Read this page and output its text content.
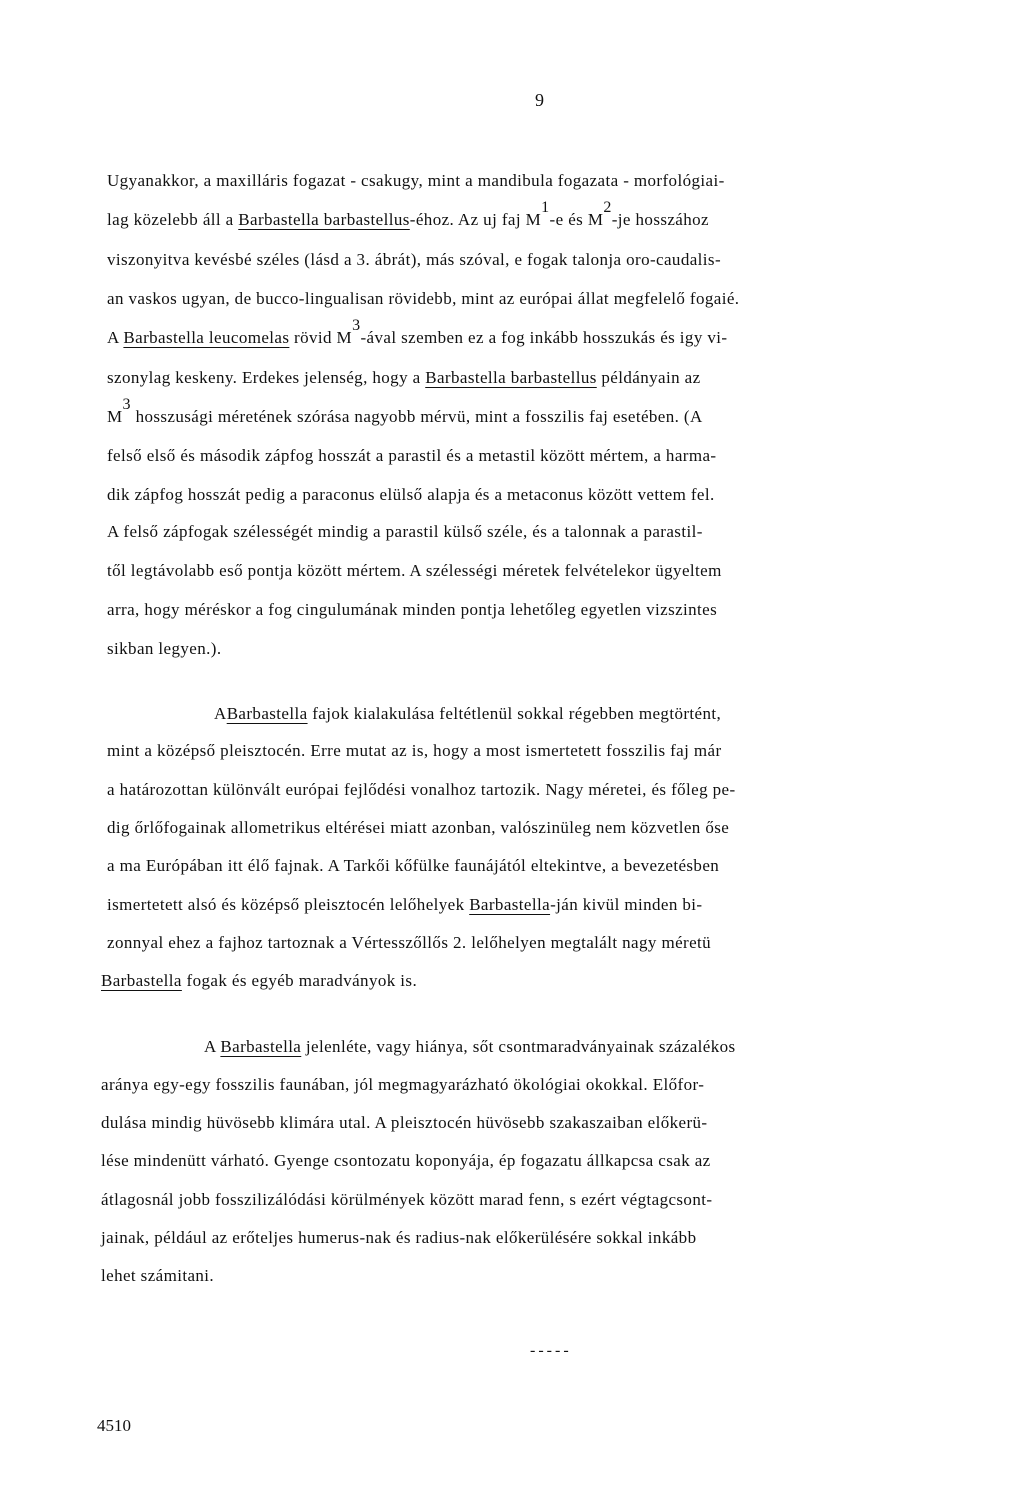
9
Ugyanakkor, a maxilláris fogazat - csakugy, mint a mandibula fogazata - morfológiai-
lag közelebb áll a Barbastella barbastellus-éhoz. Az uj faj M1-e és M2-je hosszához
viszonyitva kevésbé széles (lásd a 3. ábrát), más szóval, e fogak talonja oro-caudalis-
an vaskos ugyan, de bucco-lingualisan rövidebb, mint az európai állat megfelelő fogaié.
A Barbastella leucomelas rövid M3-ával szemben ez a fog inkább hosszukás és igy vi-
szonylag keskeny. Erdekes jelenség, hogy a Barbastella barbastellus példányain az
M3 hosszusági méretének szórása nagyobb mérvü, mint a fosszilis faj esetében. (A
felső első és második zápfog hosszát a parastil és a metastil között mértem, a harma-
dik zápfog hosszát pedig a paraconus elülső alapja és a metaconus között vettem fel.
A felső zápfogak szélességét mindig a parastil külső széle, és a talonnak a parastil-
től legtávolabb eső pontja között mértem. A szélességi méretek felvételekor ügyeltem
arra, hogy méréskor a fog cingulumának minden pontja lehetőleg egyetlen vizszintes
sikban legyen.).
ABarbastella fajok kialakulása feltétlenül sokkal régebben megtörtént,
mint a középső pleisztocén. Erre mutat az is, hogy a most ismertetett fosszilis faj már
a határozottan különvált európai fejlődési vonalhoz tartozik. Nagy méretei, és főleg pe-
dig őrlőfogainak allometrikus eltérései miatt azonban, valószinüleg nem közvetlen őse
a ma Európában itt élő fajnak. A Tarkői kőfülke faunájától eltekintve, a bevezetésben
ismertetett alsó és középső pleisztocén lelőhelyek Barbastella-ján kivül minden bi-
zonnyal ehez a fajhoz tartoznak a Vértesszőllős 2. lelőhelyen megtalált nagy méretü
Barbastella fogak és egyéb maradványok is.
A Barbastella jelenléte, vagy hiánya, sőt csontmaradványainak százalékos
aránya egy-egy fosszilis faunában, jól megmagyarázható ökológiai okokkal. Előfor-
dulása mindig hüvösebb klimára utal. A pleisztocén hüvösebb szakaszaiban előkerü-
lése mindenütt várható. Gyenge csontozatu koponyája, ép fogazatu állkapcsa csak az
átlagosnál jobb fosszilizálódási körülmények között marad fenn, s ezért végtagcsont-
jainak, például az erőteljes humerus-nak és radius-nak előkerülésére sokkal inkább
lehet számitani.
-----
4510
